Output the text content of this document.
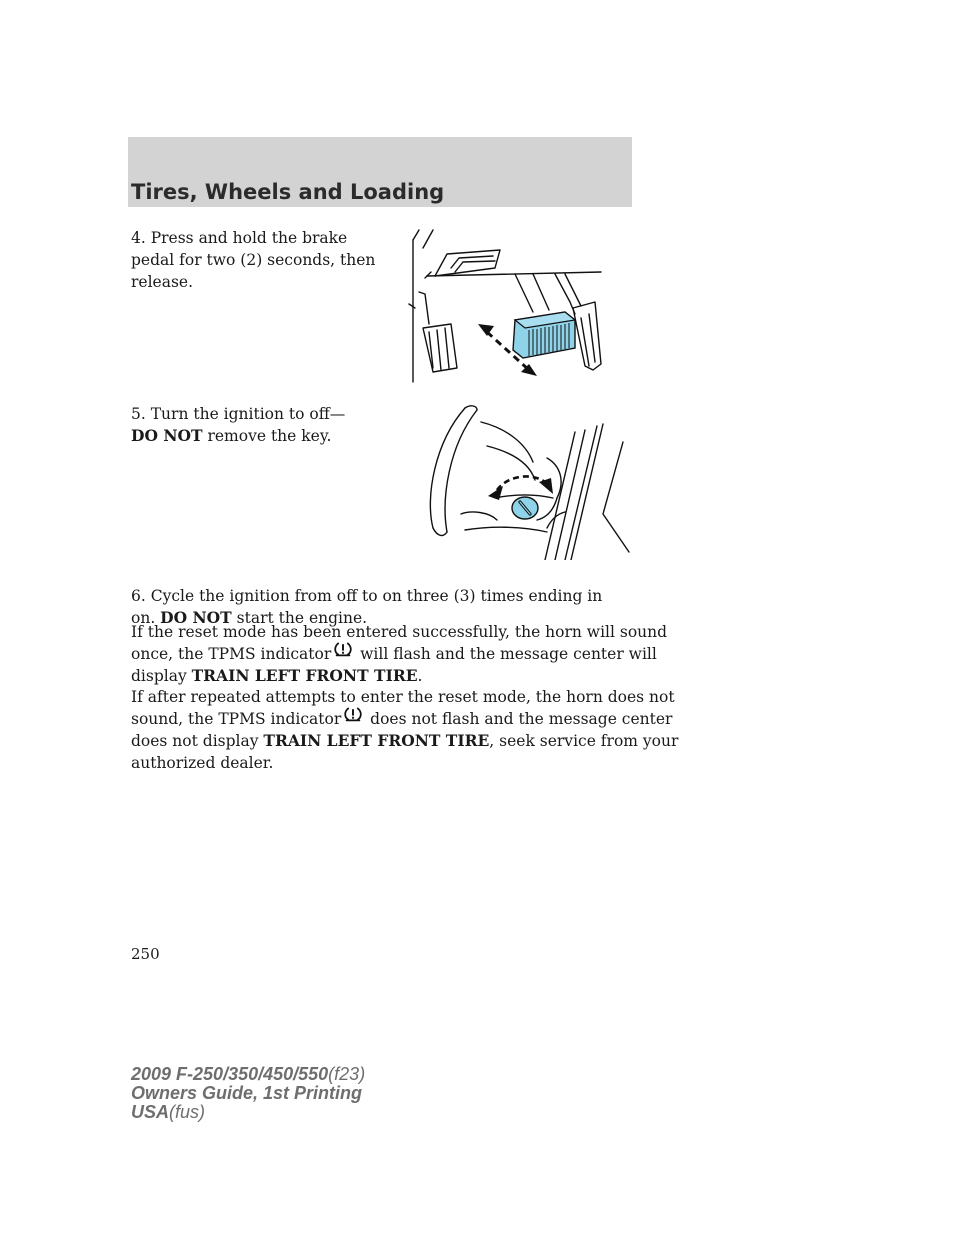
Tires, Wheels and Loading

4. Press and hold the brake pedal for two (2) seconds, then release.

5. Turn the ignition to off—DO NOT remove the key.

6. Cycle the ignition from off to on three (3) times ending in on. DO NOT start the engine.

If the reset mode has been entered successfully, the horn will sound
once, the TPMS indicator will flash and the message center will
display TRAIN LEFT FRONT TIRE.

If after repeated attempts to enter the reset mode, the horn does not
sound, the TPMS indicator does not flash and the message center
does not display TRAIN LEFT FRONT TIRE, seek service from your
authorized dealer.

250

2009 F-250/350/450/550(f23)
Owners Guide, 1st Printing
USA(fus)
